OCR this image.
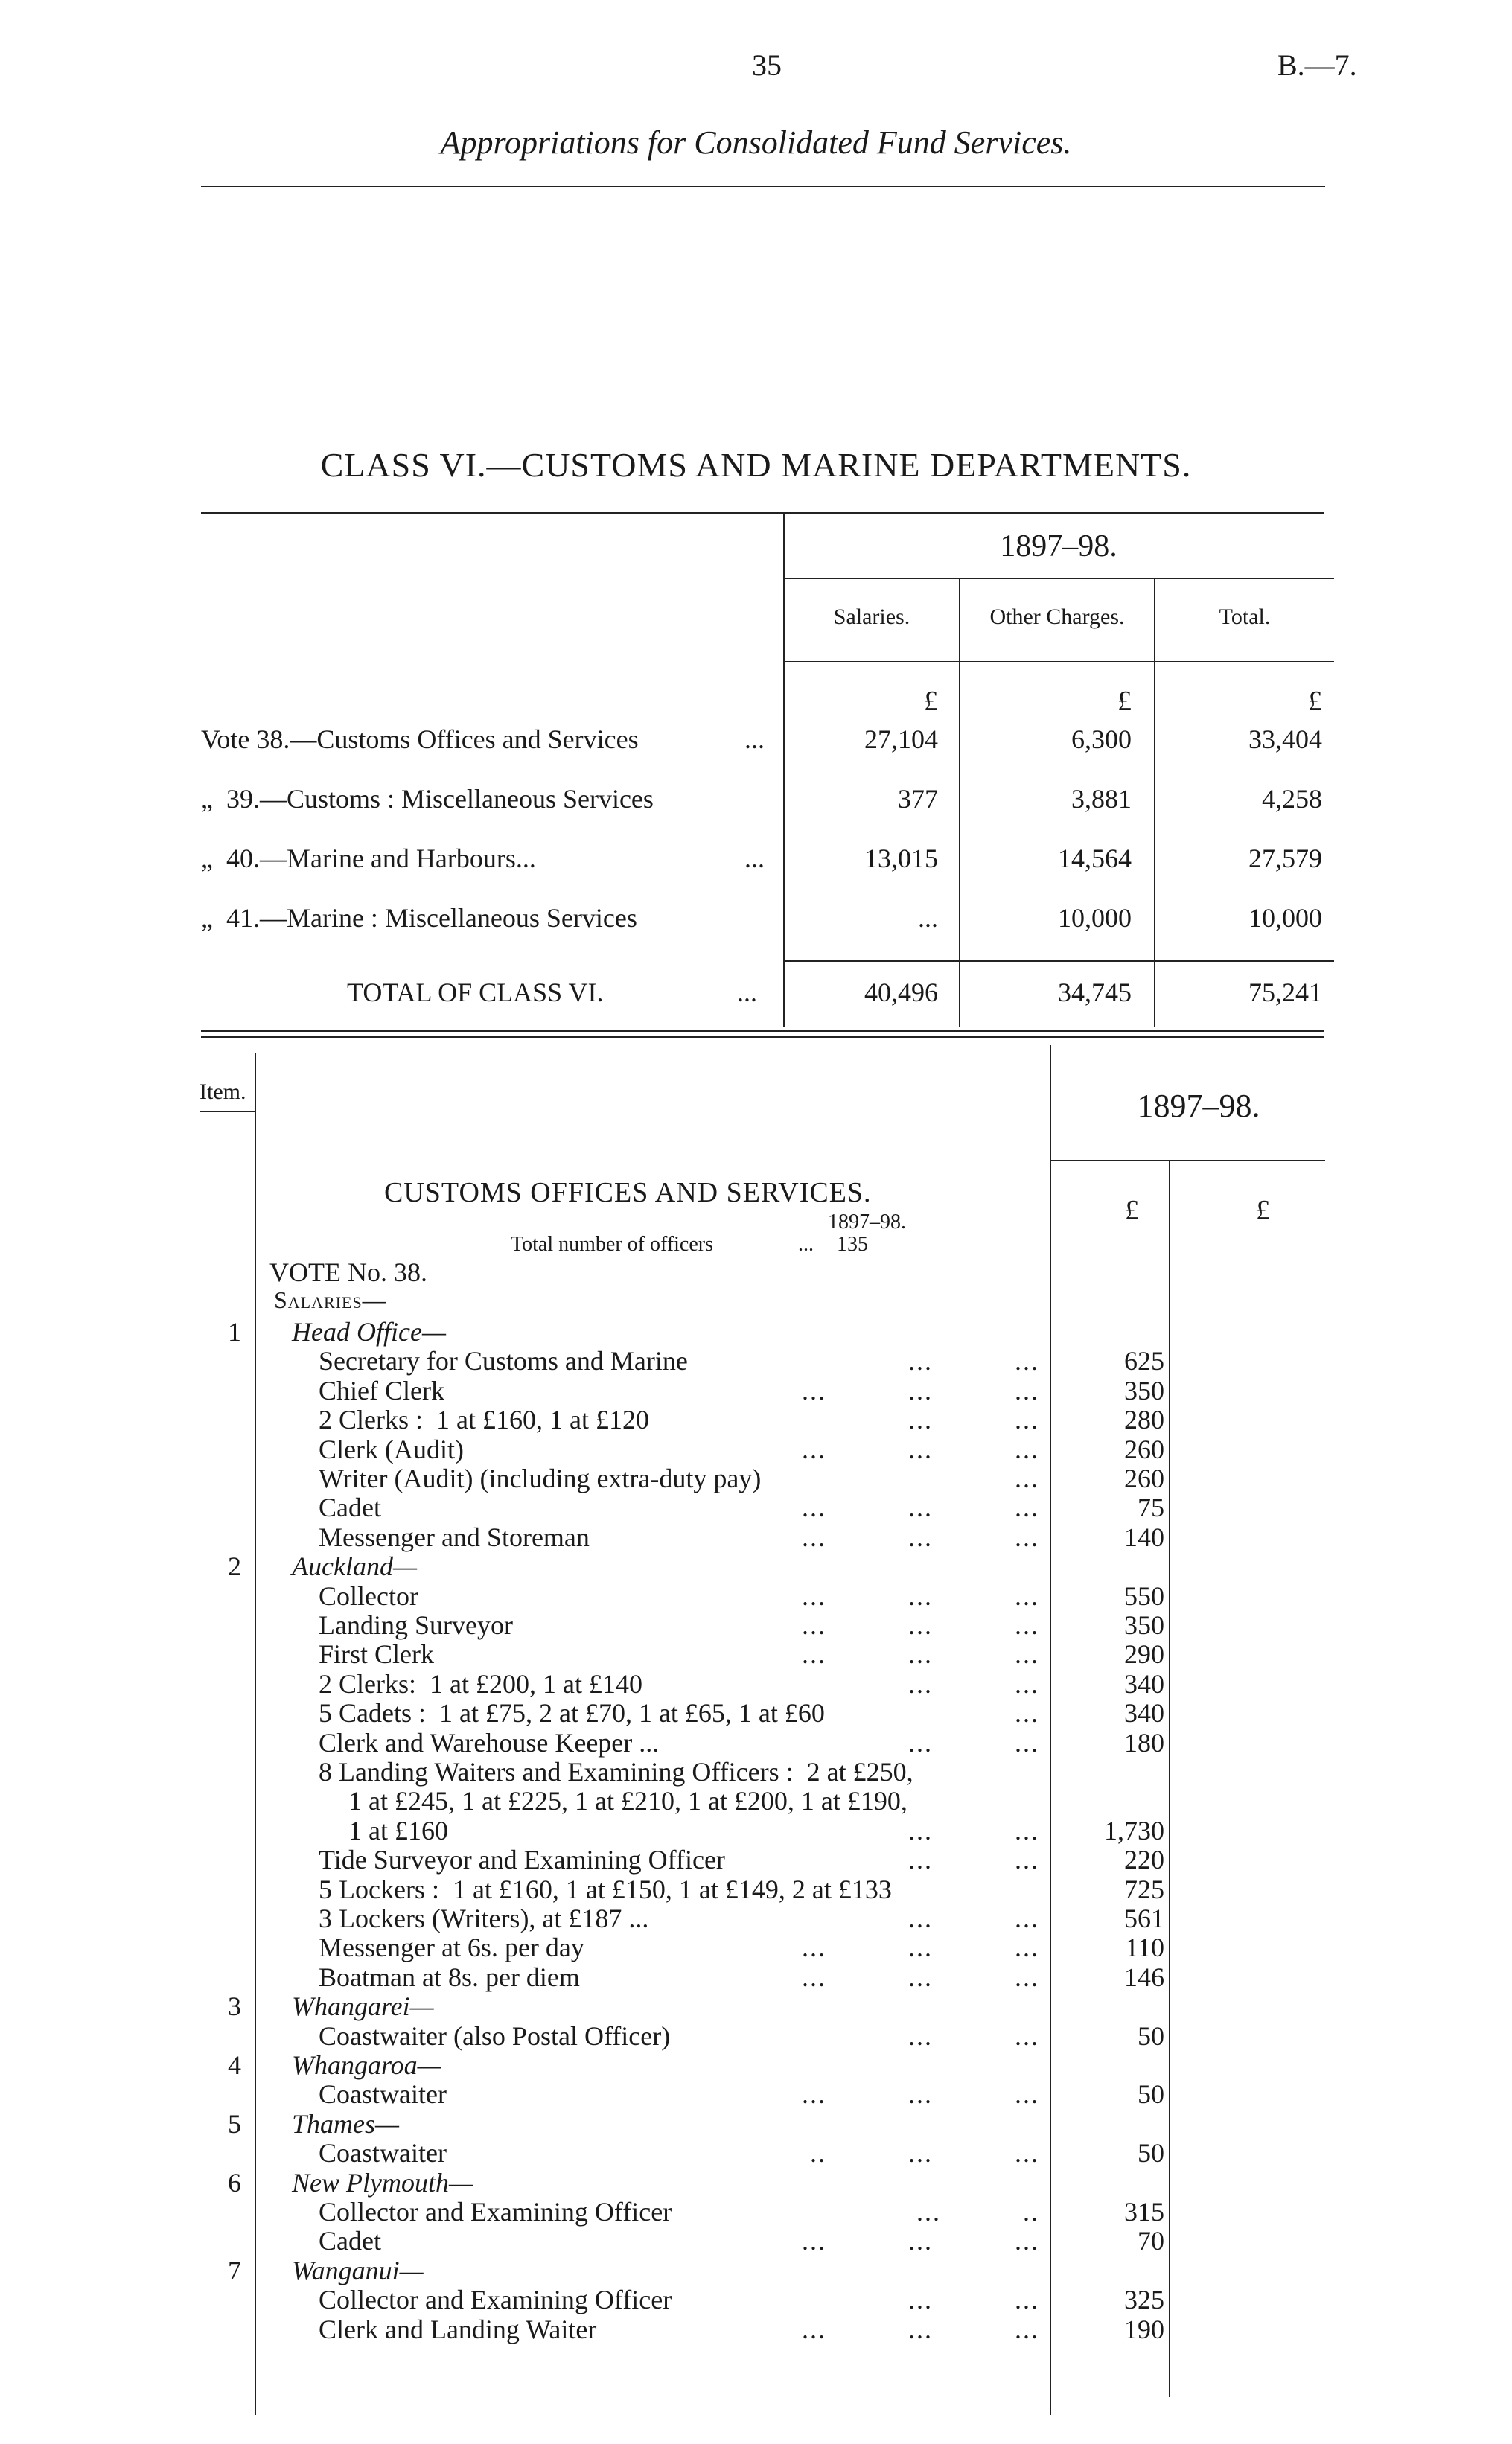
35	B.—7.
Appropriations for Consolidated Fund Services.
CLASS VI.—CUSTOMS AND MARINE DEPARTMENTS.
1897–98.
Salaries.	Other Charges.	Total.
£	£	£
Vote 38.—Customs Offices and Services	...	27,104	6,300	33,404
„  39.—Customs : Miscellaneous Services	377	3,881	4,258
„  40.—Marine and Harbours...	...	13,015	14,564	27,579
„  41.—Marine : Miscellaneous Services	...	10,000	10,000
TOTAL OF CLASS VI.	...	40,496	34,745	75,241
Item.	1897–98.
£	£
CUSTOMS OFFICES AND SERVICES.
1897–98.
Total number of officers	... 135
VOTE No. 38.
Salaries—
1 Head Office—
Secretary for Customs and Marine	...          ...	625
Chief Clerk	...          ...          ...	350
2 Clerks :  1 at £160, 1 at £120	...          ...	280
Clerk (Audit)	...          ...          ...	260
Writer (Audit) (including extra-duty pay)	...	260
Cadet	...          ...          ...	75
Messenger and Storeman	...          ...          ...	140
2 Auckland—
Collector	...          ...          ...	550
Landing Surveyor	...          ...          ...	350
First Clerk	...          ...          ...	290
2 Clerks:  1 at £200, 1 at £140	...          ...	340
5 Cadets :  1 at £75, 2 at £70, 1 at £65, 1 at £60	...	340
Clerk and Warehouse Keeper ...	...          ...	180
8 Landing Waiters and Examining Officers :  2 at £250,
1 at £245, 1 at £225, 1 at £210, 1 at £200, 1 at £190,
1 at £160	...          ...	1,730
Tide Surveyor and Examining Officer	...          ...	220
5 Lockers :  1 at £160, 1 at £150, 1 at £149, 2 at £133	725
3 Lockers (Writers), at £187 ...	...          ...	561
Messenger at 6s. per day	...          ...          ...	110
Boatman at 8s. per diem	...          ...          ...	146
3 Whangarei—
Coastwaiter (also Postal Officer)	...          ...	50
4 Whangaroa—
Coastwaiter	...          ...          ...	50
5 Thames—
Coastwaiter	..          ...          ...	50
6 New Plymouth—
Collector and Examining Officer	...          ..	315
Cadet	...          ...          ...	70
7 Wanganui—
Collector and Examining Officer	...          ...	325
Clerk and Landing Waiter	...          ...          ...	190
